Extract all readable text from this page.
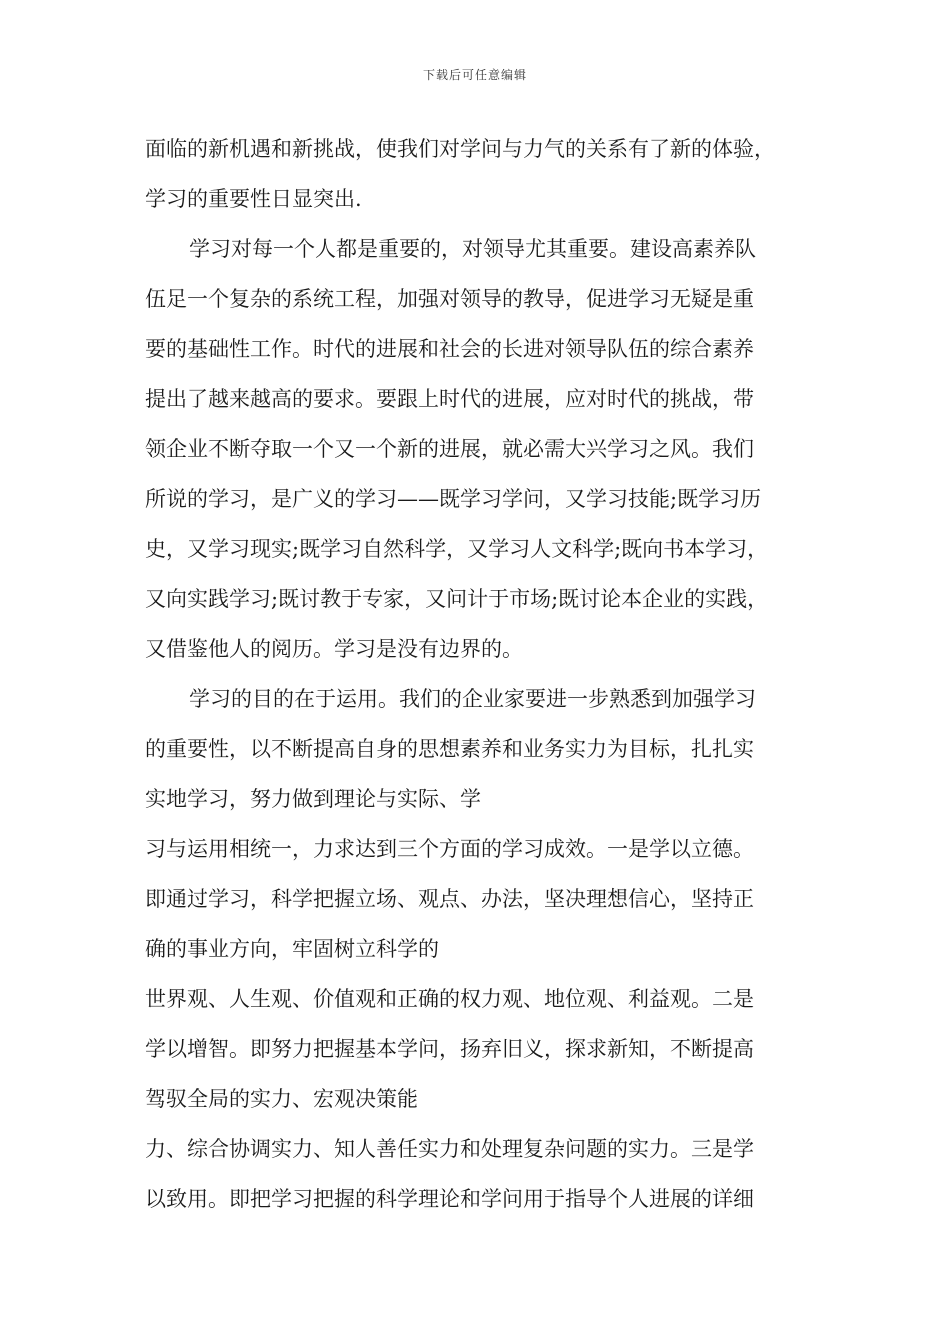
下载后可任意编辑
面临的新机遇和新挑战，使我们对学问与力气的关系有了新的体验，
学习的重要性日显突出.
学习对每一个人都是重要的，对领导尤其重要。建设高素养队
伍足一个复杂的系统工程，加强对领导的教导，促进学习无疑是重
要的基础性工作。时代的进展和社会的长进对领导队伍的综合素养
提出了越来越高的要求。要跟上时代的进展，应对时代的挑战，带
领企业不断夺取一个又一个新的进展，就必需大兴学习之风。我们
所说的学习，是广义的学习——既学习学问，又学习技能;既学习历
史，又学习现实;既学习自然科学，又学习人文科学;既向书本学习，
又向实践学习;既讨教于专家，又问计于市场;既讨论本企业的实践，
又借鉴他人的阅历。学习是没有边界的。
学习的目的在于运用。我们的企业家要进一步熟悉到加强学习
的重要性，以不断提高自身的思想素养和业务实力为目标，扎扎实
实地学习，努力做到理论与实际、学
习与运用相统一，力求达到三个方面的学习成效。一是学以立德。
即通过学习，科学把握立场、观点、办法，坚决理想信心，坚持正
确的事业方向，牢固树立科学的
世界观、人生观、价值观和正确的权力观、地位观、利益观。二是
学以增智。即努力把握基本学问，扬弃旧义，探求新知，不断提高
驾驭全局的实力、宏观决策能
力、综合协调实力、知人善任实力和处理复杂问题的实力。三是学
以致用。即把学习把握的科学理论和学问用于指导个人进展的详细
